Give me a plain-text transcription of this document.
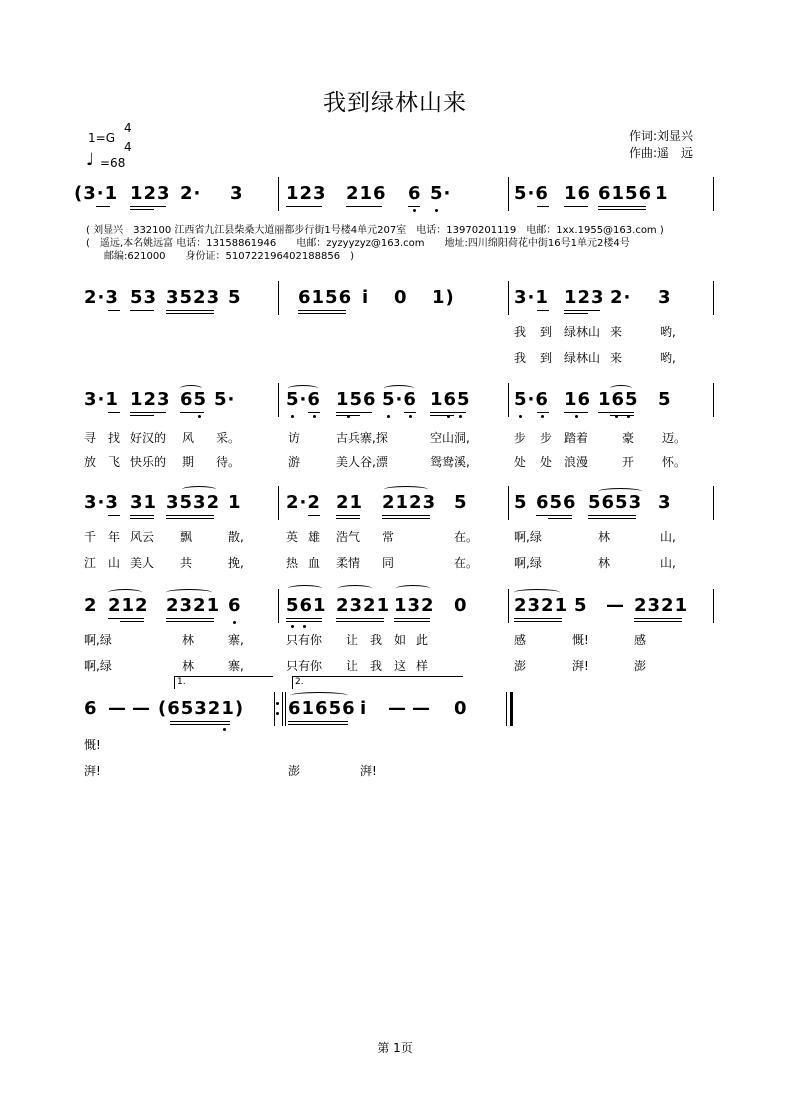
我到绿林山来
1=G
4
4
♩ =68
作词:刘显兴
作曲:遥　远
(3·1 123 2· 3 123 216 6 5·	5·6 16 6156 1
( 刘显兴　332100 江西省九江县柴桑大道丽都步行街1号楼4单元207室　电话：13970201119　电邮：1xx.1955@163.com )
(　遥远,本名姚远富 电话：13158861946　　电邮：zyzyyzyz@163.com　　地址:四川绵阳荷花中街16号1单元2楼4号
邮编:621000　　身份证：510722196402188856　)
2·3 53 3523 5	6156 i 0 1)	3·1 123 2· 3
我 到 绿林山 来	哟,
我 到 绿林山 来	哟,
3·1 123 65 5·	5·6 156 5·6 165 5·6 16 165 5
寻 找 好汉的 风 采。	访	古兵寨,探	空山洞,	步 步 踏着	豪 迈。
放 飞 快乐的 期 待。	游	美人谷,漂	鸳鸯溪,	处 处 浪漫	开 怀。
3·3 31 3532 1 2·2 21 2123 5	5 656 5653 3
千 年 风云 飘	散,	英 雄 浩气 常	在。	啊,绿	林	山,
江 山 美人 共	挽,	热 血 柔情 同	在。	啊,绿	林	山,
2 212 2321 6 561 2321 132 0	2321 5 — 2321
啊,绿	林	寨,	只有你 让 我 如 此	感	慨!	感
啊,绿	林	寨,	只有你 让 我 这 样	澎	湃!	澎
1.	2.
6 — — (65321) 61656 i — — 0
慨!
湃!	澎	湃!
第 1页
